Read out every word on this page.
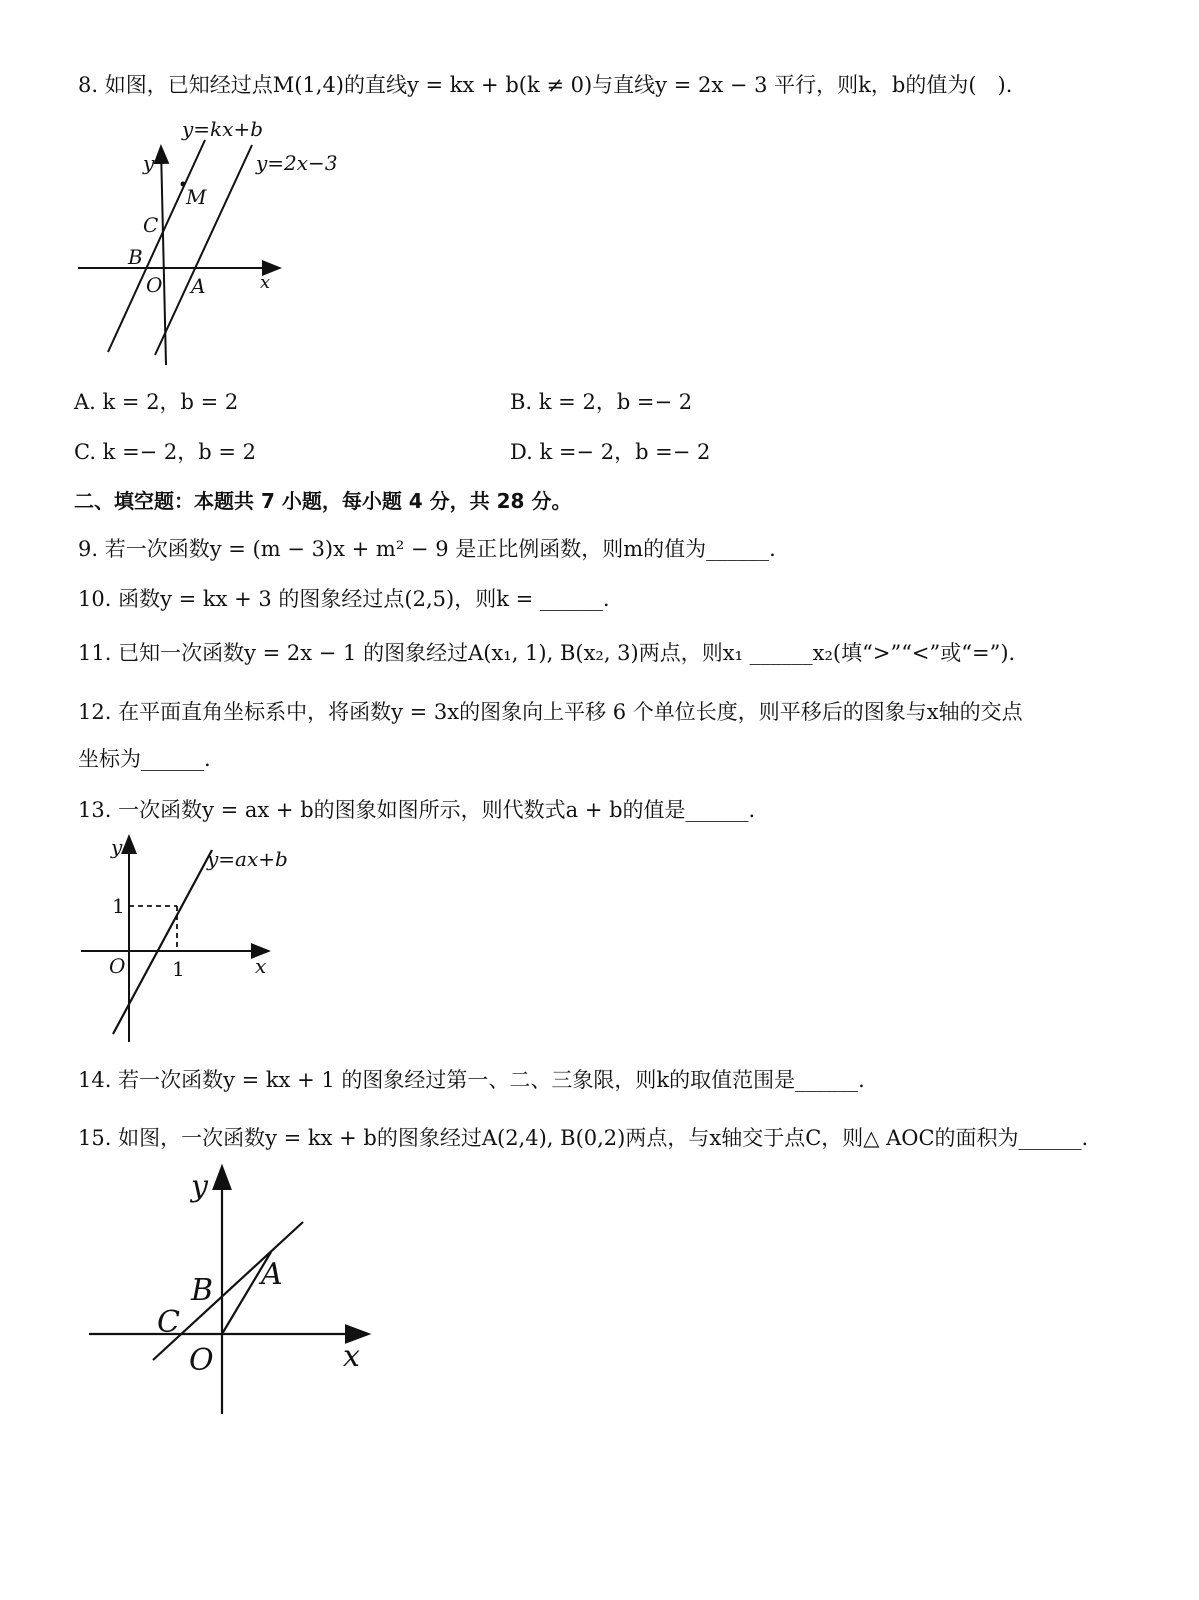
8. 如图，已知经过点M(1,4)的直线y = kx + b(k ≠ 0)与直线y = 2x − 3 平行，则k，b的值为(　).
y=kx+b
y=2x−3
y
x
M
C
B
O A
A. k = 2，b = 2	B. k = 2，b =− 2
C. k =− 2，b = 2	D. k =− 2，b =− 2
二、填空题：本题共 7 小题，每小题 4 分，共 28 分。
9. 若一次函数y = (m − 3)x + m² − 9 是正比例函数，则m的值为______.
10. 函数y = kx + 3 的图象经过点(2,5)，则k = ______.
11. 已知一次函数y = 2x − 1 的图象经过A(x₁, 1), B(x₂, 3)两点，则x₁ ______x₂(填“>”“<”或“=”).
12. 在平面直角坐标系中，将函数y = 3x的图象向上平移 6 个单位长度，则平移后的图象与x轴的交点
坐标为______.
13. 一次函数y = ax + b的图象如图所示，则代数式a + b的值是______.
y=ax+b
y
x
O 1
1
14. 若一次函数y = kx + 1 的图象经过第一、二、三象限，则k的取值范围是______.
15. 如图，一次函数y = kx + b的图象经过A(2,4), B(0,2)两点，与x轴交于点C，则△ AOC的面积为______.
y
x
A
B
C
O
